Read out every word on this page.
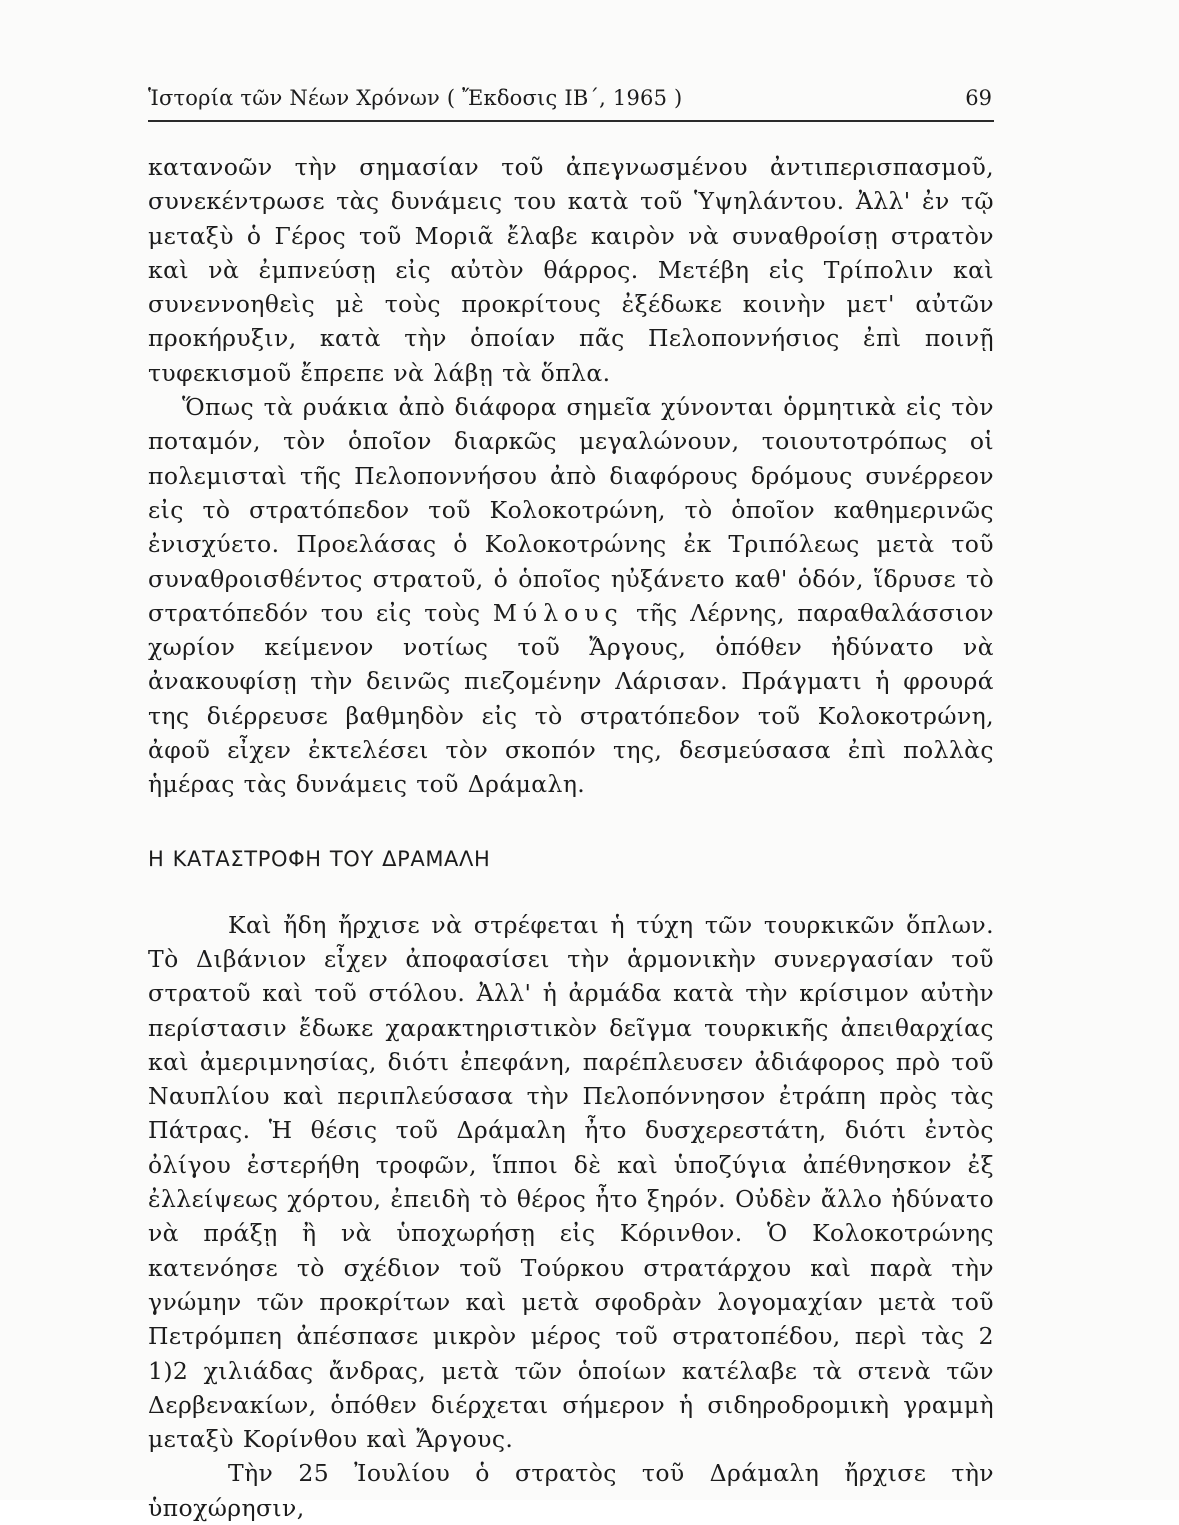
Ἱστορία τῶν Νέων Χρόνων ( Ἔκδοσις ΙΒ΄, 1965 )	69

κατανοῶν τὴν σημασίαν τοῦ ἀπεγνωσμένου ἀντιπερισπασμοῦ, συνεκέντρωσε τὰς δυνάμεις του κατὰ τοῦ Ὑψηλάντου. Ἀλλ' ἐν τῷ μεταξὺ ὁ Γέρος τοῦ Μοριᾶ ἔλαβε καιρὸν νὰ συναθροίσῃ στρατὸν καὶ νὰ ἐμπνεύσῃ εἰς αὐτὸν θάρρος. Μετέβη εἰς Τρίπολιν καὶ συνεννοηθεὶς μὲ τοὺς προκρίτους ἐξέδωκε κοινὴν μετ' αὐτῶν προκήρυξιν, κατὰ τὴν ὁποίαν πᾶς Πελοποννήσιος ἐπὶ ποινῇ τυφεκισμοῦ ἔπρεπε νὰ λάβῃ τὰ ὅπλα.

Ὅπως τὰ ρυάκια ἀπὸ διάφορα σημεῖα χύνονται ὁρμητικὰ εἰς τὸν ποταμόν, τὸν ὁποῖον διαρκῶς μεγαλώνουν, τοιουτοτρόπως οἱ πολεμισταὶ τῆς Πελοποννήσου ἀπὸ διαφόρους δρόμους συνέρρεον εἰς τὸ στρατόπεδον τοῦ Κολοκοτρώνη, τὸ ὁποῖον καθημερινῶς ἐνισχύετο. Προελάσας ὁ Κολοκοτρώνης ἐκ Τριπόλεως μετὰ τοῦ συναθροισθέντος στρατοῦ, ὁ ὁποῖος ηὐξάνετο καθ' ὁδόν, ἵδρυσε τὸ στρατόπεδόν του εἰς τοὺς Μύλους τῆς Λέρνης, παραθαλάσσιον χωρίον κείμενον νοτίως τοῦ Ἄργους, ὁπόθεν ἠδύνατο νὰ ἀνακουφίσῃ τὴν δεινῶς πιεζομένην Λάρισαν. Πράγματι ἡ φρουρά της διέρρευσε βαθμηδὸν εἰς τὸ στρατόπεδον τοῦ Κολοκοτρώνη, ἀφοῦ εἶχεν ἐκτελέσει τὸν σκοπόν της, δεσμεύσασα ἐπὶ πολλὰς ἡμέρας τὰς δυνάμεις τοῦ Δράμαλη.

Η ΚΑΤΑΣΤΡΟΦΗ ΤΟΥ ΔΡΑΜΑΛΗ

Καὶ ἤδη ἤρχισε νὰ στρέφεται ἡ τύχη τῶν τουρκικῶν ὅπλων. Τὸ Διβάνιον εἶχεν ἀποφασίσει τὴν ἁρμονικὴν συνεργασίαν τοῦ στρατοῦ καὶ τοῦ στόλου. Ἀλλ' ἡ ἀρμάδα κατὰ τὴν κρίσιμον αὐτὴν περίστασιν ἔδωκε χαρακτηριστικὸν δεῖγμα τουρκικῆς ἀπειθαρχίας καὶ ἀμεριμνησίας, διότι ἐπεφάνη, παρέπλευσεν ἀδιάφορος πρὸ τοῦ Ναυπλίου καὶ περιπλεύσασα τὴν Πελοπόννησον ἐτράπη πρὸς τὰς Πάτρας. Ἡ θέσις τοῦ Δράμαλη ἦτο δυσχερεστάτη, διότι ἐντὸς ὀλίγου ἐστερήθη τροφῶν, ἵπποι δὲ καὶ ὑποζύγια ἀπέθνησκον ἐξ ἐλλείψεως χόρτου, ἐπειδὴ τὸ θέρος ἦτο ξηρόν. Οὐδὲν ἄλλο ἠδύνατο νὰ πράξῃ ἢ νὰ ὑποχωρήσῃ εἰς Κόρινθον. Ὁ Κολοκοτρώνης κατενόησε τὸ σχέδιον τοῦ Τούρκου στρατάρχου καὶ παρὰ τὴν γνώμην τῶν προκρίτων καὶ μετὰ σφοδρὰν λογομαχίαν μετὰ τοῦ Πετρόμπεη ἀπέσπασε μικρὸν μέρος τοῦ στρατοπέδου, περὶ τὰς 2 1)2 χιλιάδας ἄνδρας, μετὰ τῶν ὁποίων κατέλαβε τὰ στενὰ τῶν Δερβενακίων, ὁπόθεν διέρχεται σήμερον ἡ σιδηροδρομικὴ γραμμὴ μεταξὺ Κορίνθου καὶ Ἄργους.

Τὴν 25 Ἰουλίου ὁ στρατὸς τοῦ Δράμαλη ἤρχισε τὴν ὑποχώρησιν,
